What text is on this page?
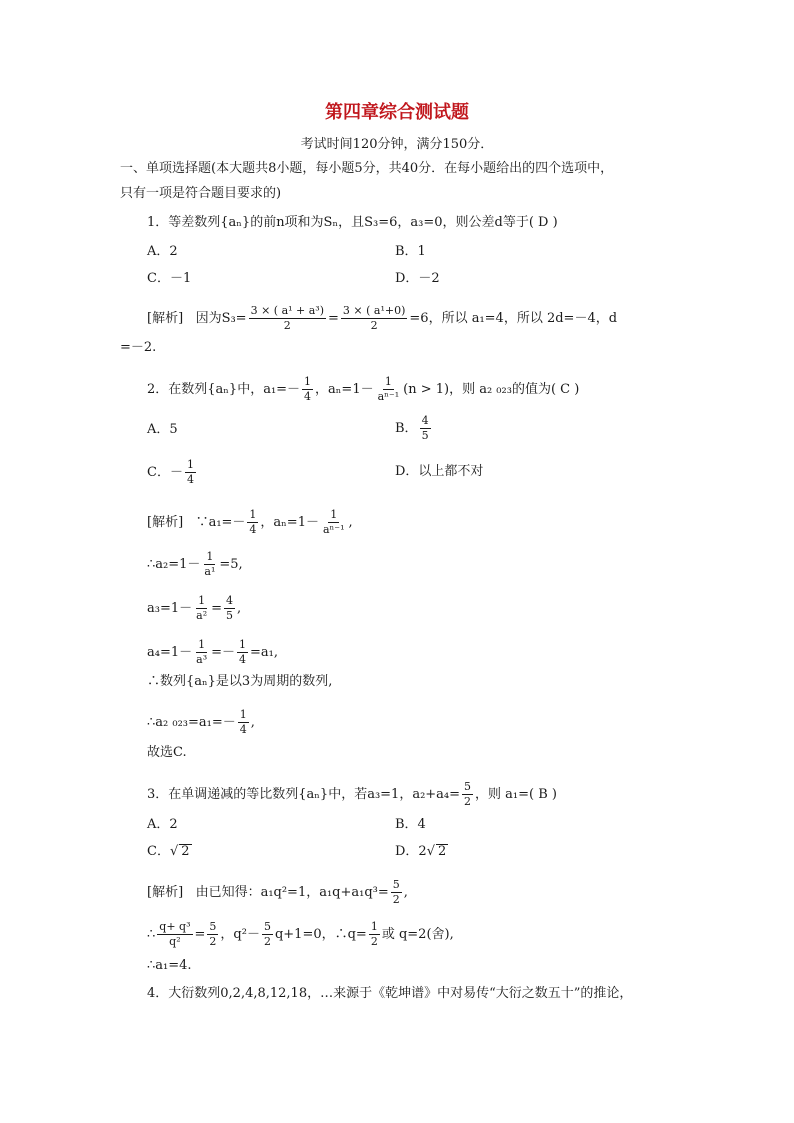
第四章综合测试题
考试时间120分钟，满分150分．
一、单项选择题(本大题共8小题，每小题5分，共40分．在每小题给出的四个选项中，
只有一项是符合题目要求的)
1．等差数列{aₙ}的前n项和为Sₙ，且S₃=6，a₃=0，则公差d等于( D )
A．2	B．1
C．－1	D．－2
[解析] 因为$S_3= \frac{\text{3 × ( a¹ + a³)}}{2} = \frac{\text{3 × ( a¹+0)}}{2} =6$，所以 a₁=4，所以 2d=－4，d
=－2.
2．在数列{aₙ}中，$a_1=- \frac{1}{4}$ ，$a_n=1- \frac{1}{\text{aⁿ⁻¹}} (n > 1)$，则 a₂ ₀₂₃的值为( C )
A．5	B． $\frac{4}{5}$
C．－ $\frac{1}{4}$	D．以上都不对
[解析] ∵a₁=－ $\frac{1}{4}$ ，$a_n=1- \frac{1}{\text{aⁿ⁻¹}}$ ,
∴a₂=1－ $\frac{1}{\text{a¹}} =5$,
$a_3=1- \frac{1}{\text{a²}} = \frac{4}{5}$ ,
$a_4=1- \frac{1}{\text{a³}} =- \frac{1}{4} =a_1$,
∴数列{aₙ}是以3为周期的数列,
∴a₂ $_{023}=a_1=- \frac{1}{4}$ ,
故选C.
3．在单调递减的等比数列{aₙ}中，若a₃=1，$a_2+a_4= \frac{5}{2}$ ，则 a₁=( B )
A．2	B．4
C．√ 2	D．2√ 2
[解析] 由已知得：a₁q²=1，$a_1q+a_1q^3= \frac{5}{2}$ ,
∴ $\frac{\text{q+ q³}}{\text{q²}} = \frac{5}{2}$ ，$q^2- \frac{5}{2} q+1=0$，∴q= $\frac{1}{2}$ 或 q=2(舍),
∴a₁=4.
4．大衍数列0,2,4,8,12,18，…来源于《乾坤谱》中对易传“大衍之数五十”的推论，
